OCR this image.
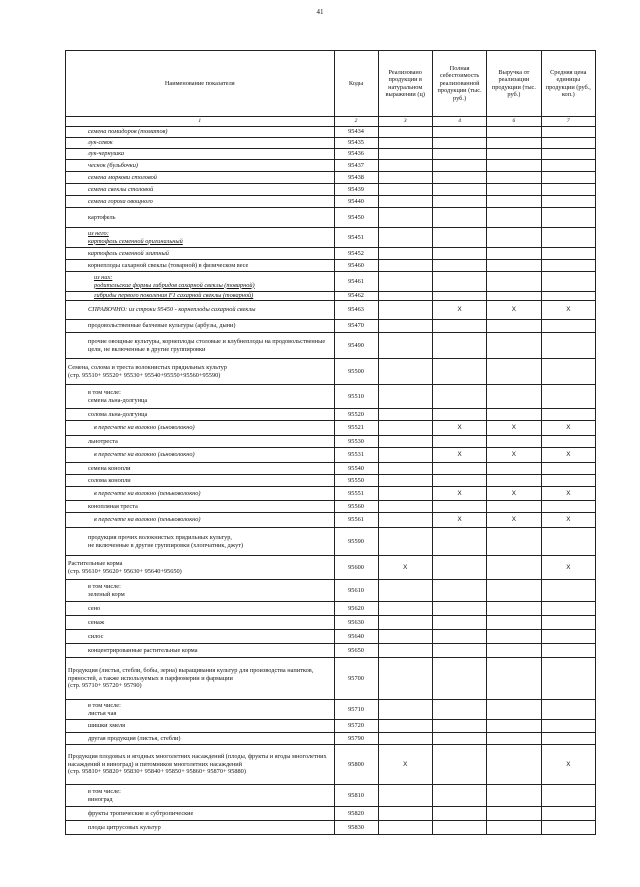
41
Наименование показателя	Коды	Реализовано продукции в натуральном выражении (ц)	Полная себестоимость реализованной продукции (тыс. руб.)	Выручка от реализации продукции (тыс. руб.)	Средняя цена единицы продукции (руб., коп.)
1	2	3	4	6	7
семена помидоров (томатов)	95434				
лук-севок	95435				
лук-чернушка	95436				
чеснок (бульбочки)	95437				
семена моркови столовой	95438				
семена свеклы столовой	95439				
семена гороха овощного	95440				
картофель	95450				
из него:
картофель семенной оригинальный	95451				
картофель семенной элитный	95452				
корнеплоды сахарной свеклы (товарной) в физическом весе	95460				
из них:
родительские формы гибридов сахарной свеклы (товарной)	95461				
гибриды первого поколения F1 сахарной свеклы (товарной)	95462				
СПРАВОЧНО: из строки 95450 - корнеплоды сахарной свеклы	95463		X	X	X
продовольственные бахчевые культуры (арбузы, дыни)	95470				
прочие овощные культуры, корнеплоды столовые и клубнеплоды на продовольственные цели, не включенные в другие группировки	95490				
Семена, солома и треста волокнистых прядильных культур
(стр. 95510+ 95520+ 95530+ 95540+95550+95560+95590)	95500				
в том числе:
семена льна-долгунца	95510				
солома льна-долгунца	95520				
в пересчете на волокно (льноволокно)	95521		X	X	X
льнотреста	95530				
в пересчете на волокно (льноволокно)	95531		X	X	X
семена конопли	95540				
солома конопли	95550				
в пересчете на волокно (пеньковолокно)	95551		X	X	X
конопляная треста	95560				
в пересчете на волокно (пеньковолокно)	95561		X	X	X
продукция прочих волокнистых прядильных культур,
не включенные в другие группировки (хлопчатник, джут)	95590				
Растительные корма
(стр. 95610+ 95620+ 95630+ 95640+95650)	95600	X			X
в том числе:
зеленый корм	95610				
сено	95620				
сенаж	95630				
силос	95640				
концентрированные растительные корма	95650				
Продукция (листья, стебли, бобы, зерна) выращивания культур для производства напитков, пряностей, а также используемых в парфюмерии и фармации
(стр. 95710+ 95720+ 95790)	95700				
в том числе:
листья чая	95710				
шишки хмеля	95720				
другая продукция (листья, стебли)	95790				
Продукция плодовых и ягодных многолетних насаждений (плоды, фрукты и ягоды многолетних насаждений и виноград) и питомников многолетних насаждений
(стр. 95810+ 95820+ 95830+ 95840+ 95850+ 95860+ 95870+ 95880)	95800	X			X
в том числе:
виноград	95810				
фрукты тропические и субтропические	95820				
плоды цитрусовых культур	95830				
